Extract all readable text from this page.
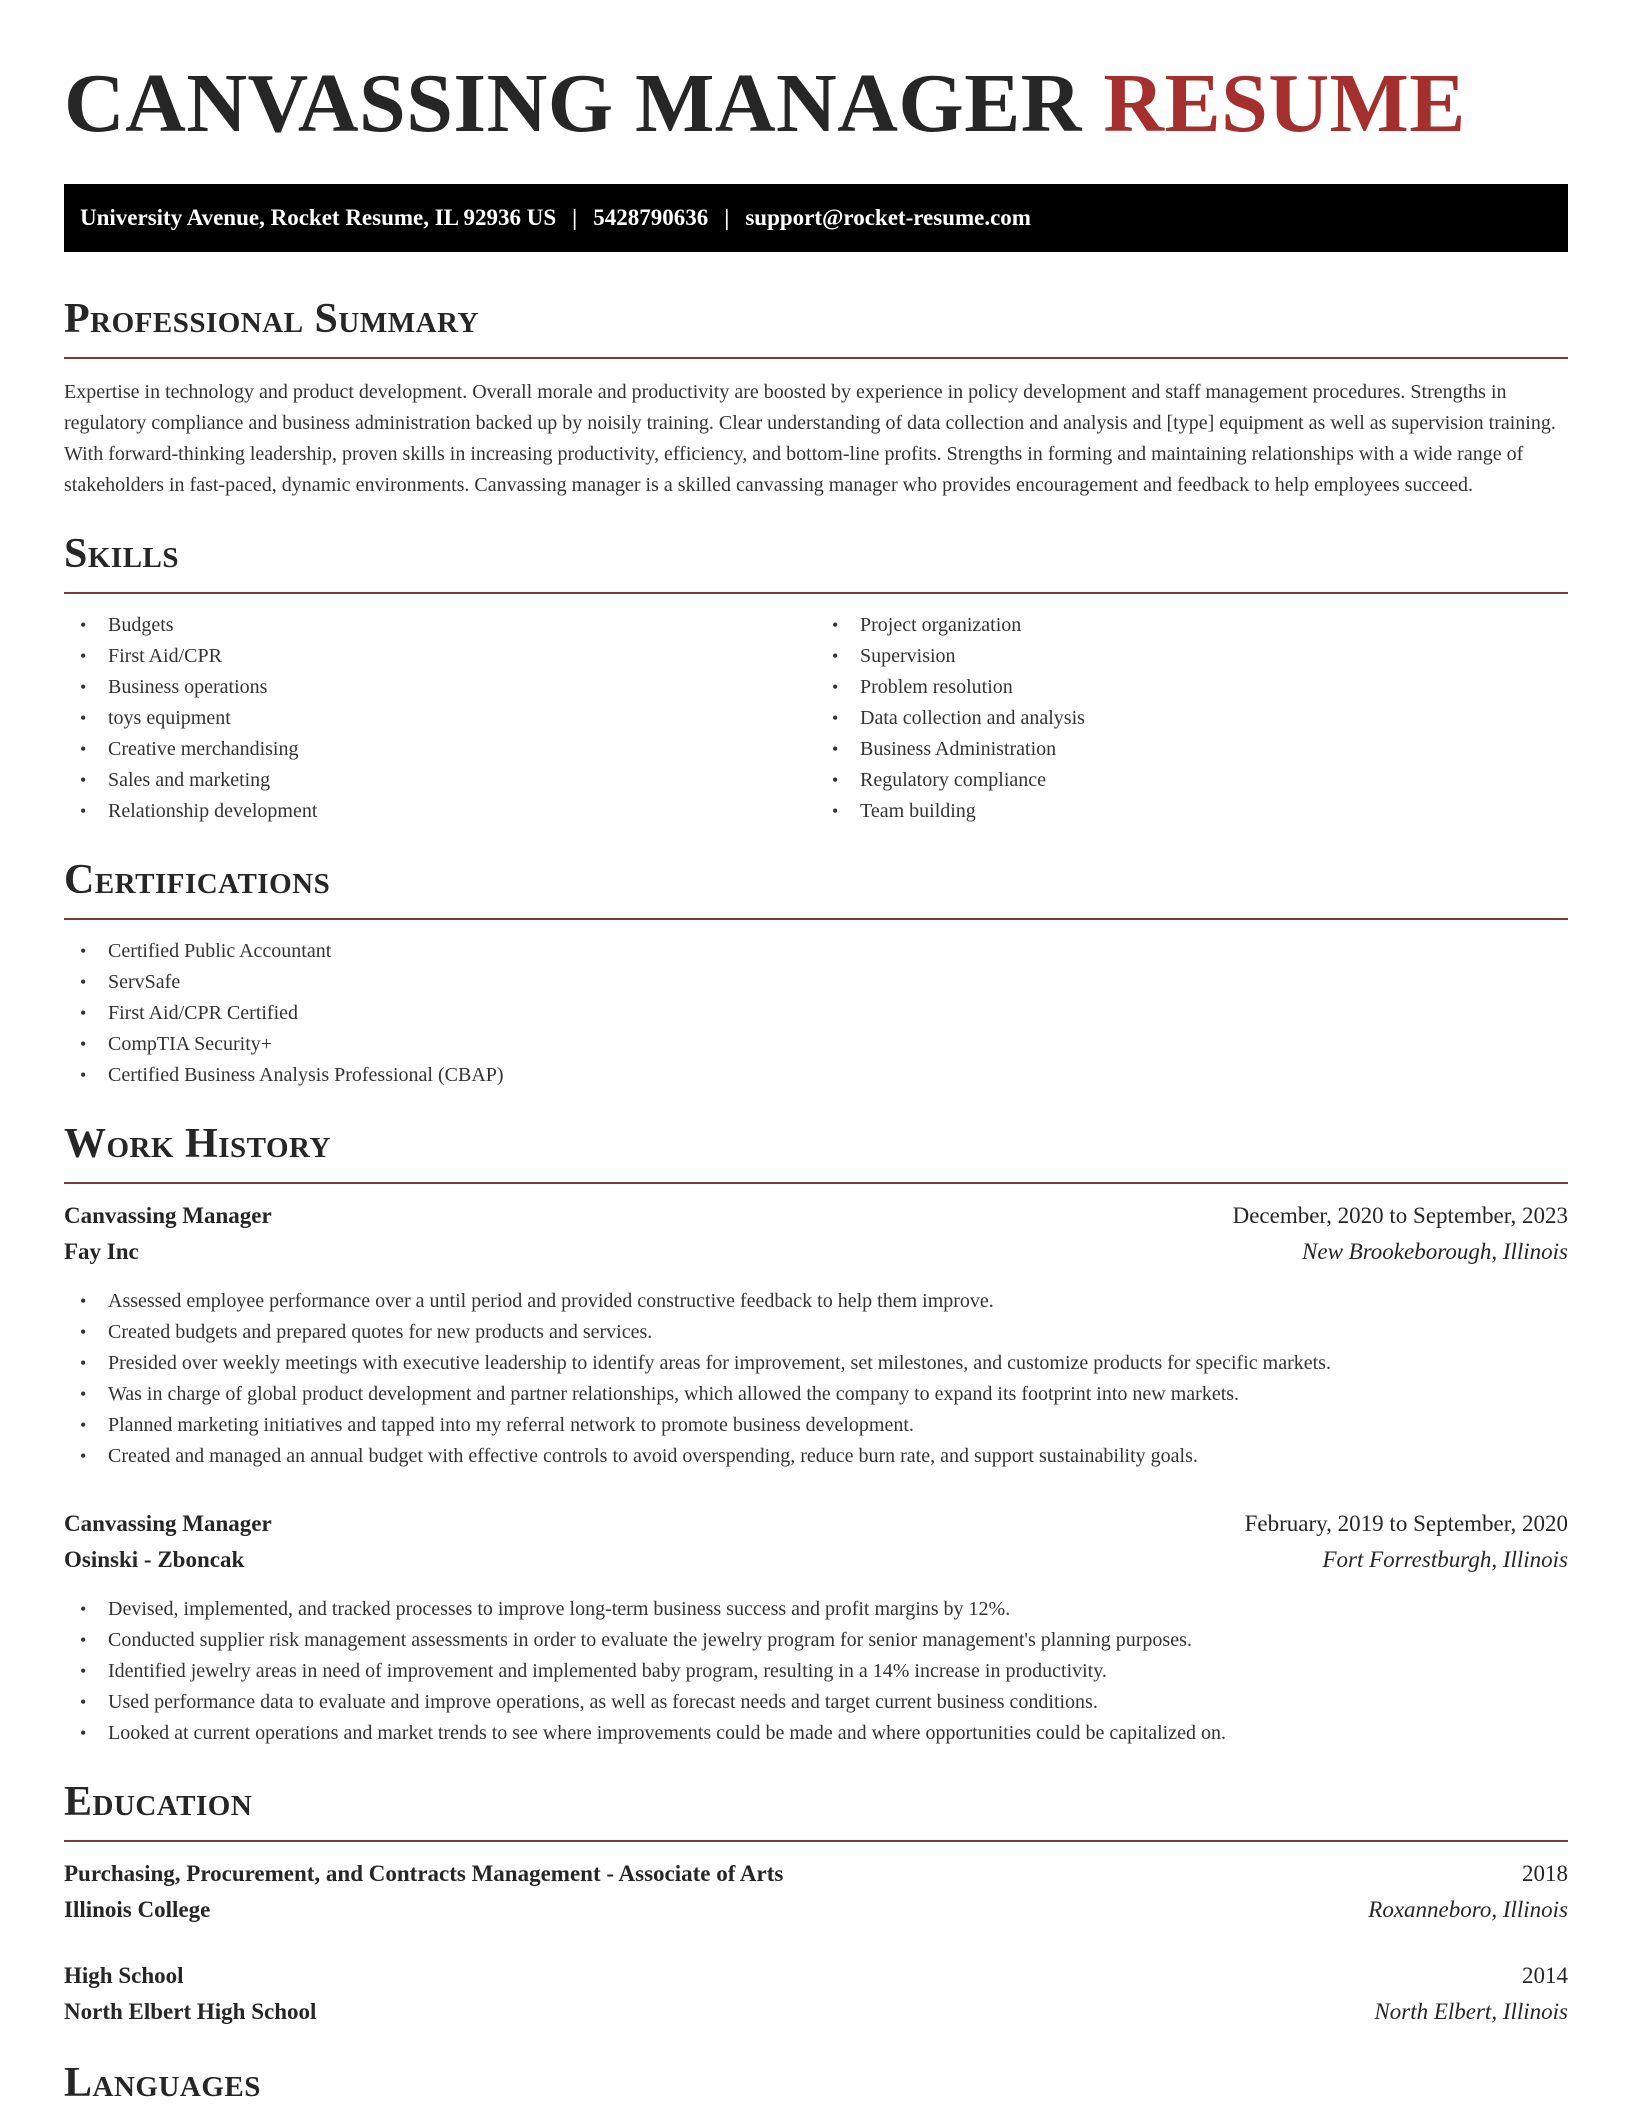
CANVASSING MANAGER RESUME
University Avenue, Rocket Resume, IL 92936 US | 5428790636 | support@rocket-resume.com
Professional Summary

Expertise in technology and product development. Overall morale and productivity are boosted by experience in policy development and staff management procedures. Strengths in regulatory compliance and business administration backed up by noisily training. Clear understanding of data collection and analysis and [type] equipment as well as supervision training. With forward-thinking leadership, proven skills in increasing productivity, efficiency, and bottom-line profits. Strengths in forming and maintaining relationships with a wide range of stakeholders in fast-paced, dynamic environments. Canvassing manager is a skilled canvassing manager who provides encouragement and feedback to help employees succeed.

Skills
• Budgets
• First Aid/CPR
• Business operations
• toys equipment
• Creative merchandising
• Sales and marketing
• Relationship development
• Project organization
• Supervision
• Problem resolution
• Data collection and analysis
• Business Administration
• Regulatory compliance
• Team building
Certifications
• Certified Public Accountant
• ServSafe
• First Aid/CPR Certified
• CompTIA Security+
• Certified Business Analysis Professional (CBAP)
Work History
Canvassing Manager	December, 2020 to September, 2023
Fay Inc	New Brookeborough, Illinois
• Assessed employee performance over a until period and provided constructive feedback to help them improve.
• Created budgets and prepared quotes for new products and services.
• Presided over weekly meetings with executive leadership to identify areas for improvement, set milestones, and customize products for specific markets.
• Was in charge of global product development and partner relationships, which allowed the company to expand its footprint into new markets.
• Planned marketing initiatives and tapped into my referral network to promote business development.
• Created and managed an annual budget with effective controls to avoid overspending, reduce burn rate, and support sustainability goals.
Canvassing Manager	February, 2019 to September, 2020
Osinski - Zboncak	Fort Forrestburgh, Illinois
• Devised, implemented, and tracked processes to improve long-term business success and profit margins by 12%.
• Conducted supplier risk management assessments in order to evaluate the jewelry program for senior management's planning purposes.
• Identified jewelry areas in need of improvement and implemented baby program, resulting in a 14% increase in productivity.
• Used performance data to evaluate and improve operations, as well as forecast needs and target current business conditions.
• Looked at current operations and market trends to see where improvements could be made and where opportunities could be capitalized on.
Education
Purchasing, Procurement, and Contracts Management - Associate of Arts	2018
Illinois College	Roxanneboro, Illinois
High School	2014
North Elbert High School	North Elbert, Illinois
Languages
